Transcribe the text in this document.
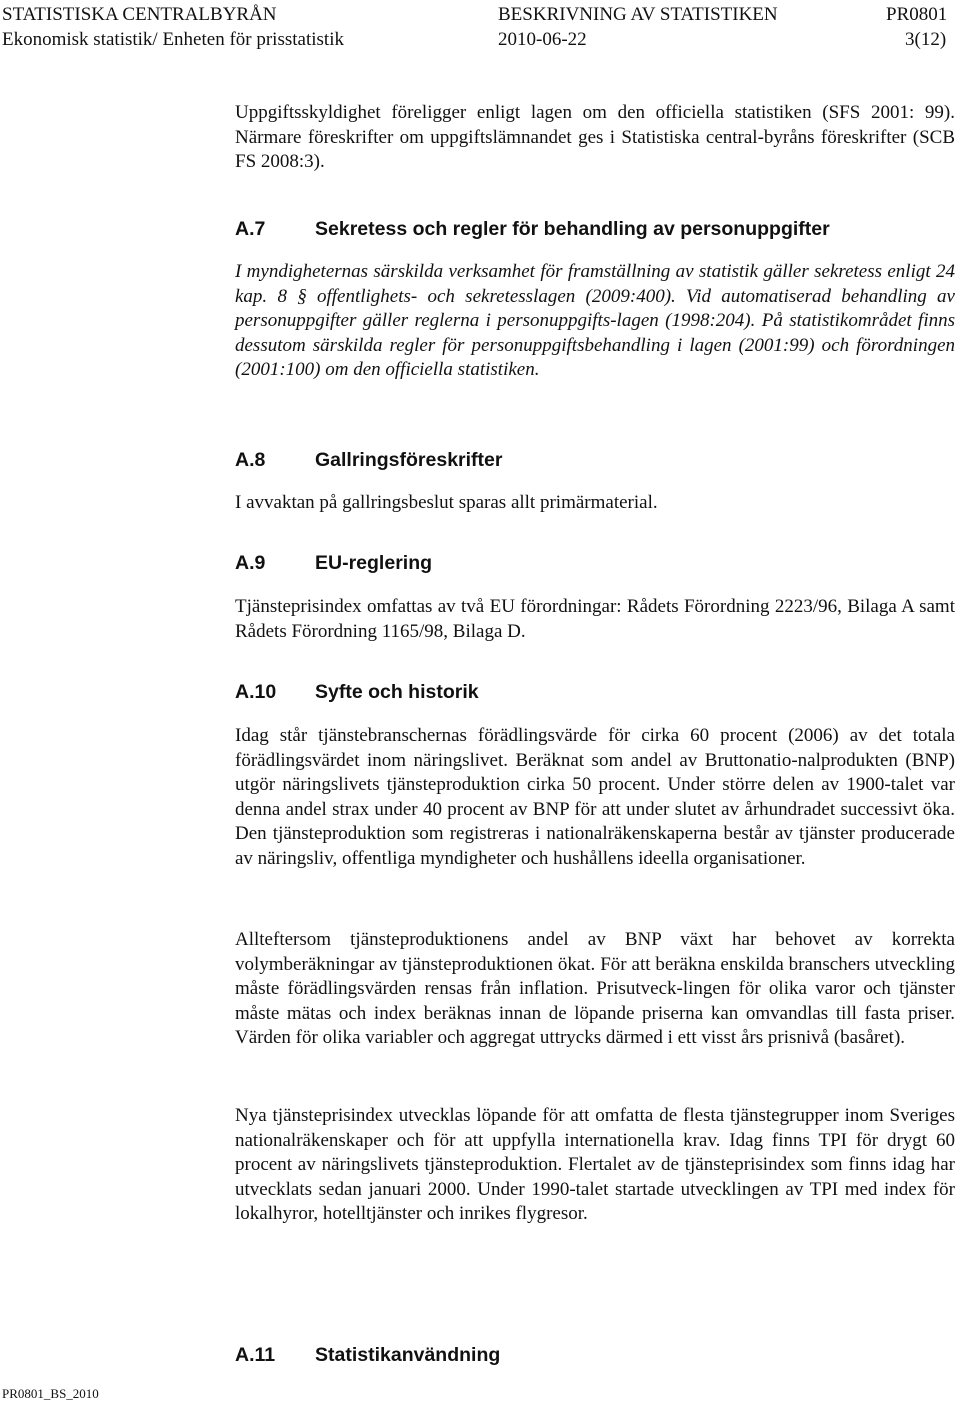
STATISTISKA CENTRALBYRÅN	BESKRIVNING AV STATISTIKEN	PR0801
Ekonomisk statistik/ Enheten för prisstatistik	2010-06-22	3(12)

Uppgiftsskyldighet föreligger enligt lagen om den officiella statistiken (SFS 2001: 99). Närmare föreskrifter om uppgiftslämnandet ges i Statistiska central-byråns föreskrifter (SCB FS 2008:3).

A.7	Sekretess och regler för behandling av personuppgifter

I myndigheternas särskilda verksamhet för framställning av statistik gäller sekretess enligt 24 kap. 8 § offentlighets- och sekretesslagen (2009:400). Vid automatiserad behandling av personuppgifter gäller reglerna i personuppgifts-lagen (1998:204). På statistikområdet finns dessutom särskilda regler för personuppgiftsbehandling i lagen (2001:99) och förordningen (2001:100) om den officiella statistiken.

A.8	Gallringsföreskrifter

I avvaktan på gallringsbeslut sparas allt primärmaterial.

A.9	EU-reglering

Tjänsteprisindex omfattas av två EU förordningar: Rådets Förordning 2223/96, Bilaga A samt Rådets Förordning 1165/98, Bilaga D.

A.10 Syfte och historik

Idag står tjänstebranschernas förädlingsvärde för cirka 60 procent (2006) av det totala förädlingsvärdet inom näringslivet. Beräknat som andel av Bruttonatio-nalprodukten (BNP) utgör näringslivets tjänsteproduktion cirka 50 procent. Under större delen av 1900-talet var denna andel strax under 40 procent av BNP för att under slutet av århundradet successivt öka. Den tjänsteproduktion som registreras i nationalräkenskaperna består av tjänster producerade av näringsliv, offentliga myndigheter och hushållens ideella organisationer.

Allteftersom tjänsteproduktionens andel av BNP växt har behovet av korrekta volymberäkningar av tjänsteproduktionen ökat. För att beräkna enskilda branschers utveckling måste förädlingsvärden rensas från inflation. Prisutveck-lingen för olika varor och tjänster måste mätas och index beräknas innan de löpande priserna kan omvandlas till fasta priser. Värden för olika variabler och aggregat uttrycks därmed i ett visst års prisnivå (basåret).

Nya tjänsteprisindex utvecklas löpande för att omfatta de flesta tjänstegrupper inom Sveriges nationalräkenskaper och för att uppfylla internationella krav. Idag finns TPI för drygt 60 procent av näringslivets tjänsteproduktion. Flertalet av de tjänsteprisindex som finns idag har utvecklats sedan januari 2000. Under 1990-talet startade utvecklingen av TPI med index för lokalhyror, hotelltjänster och inrikes flygresor.

A.11 Statistikanvändning
PR0801_BS_2010
